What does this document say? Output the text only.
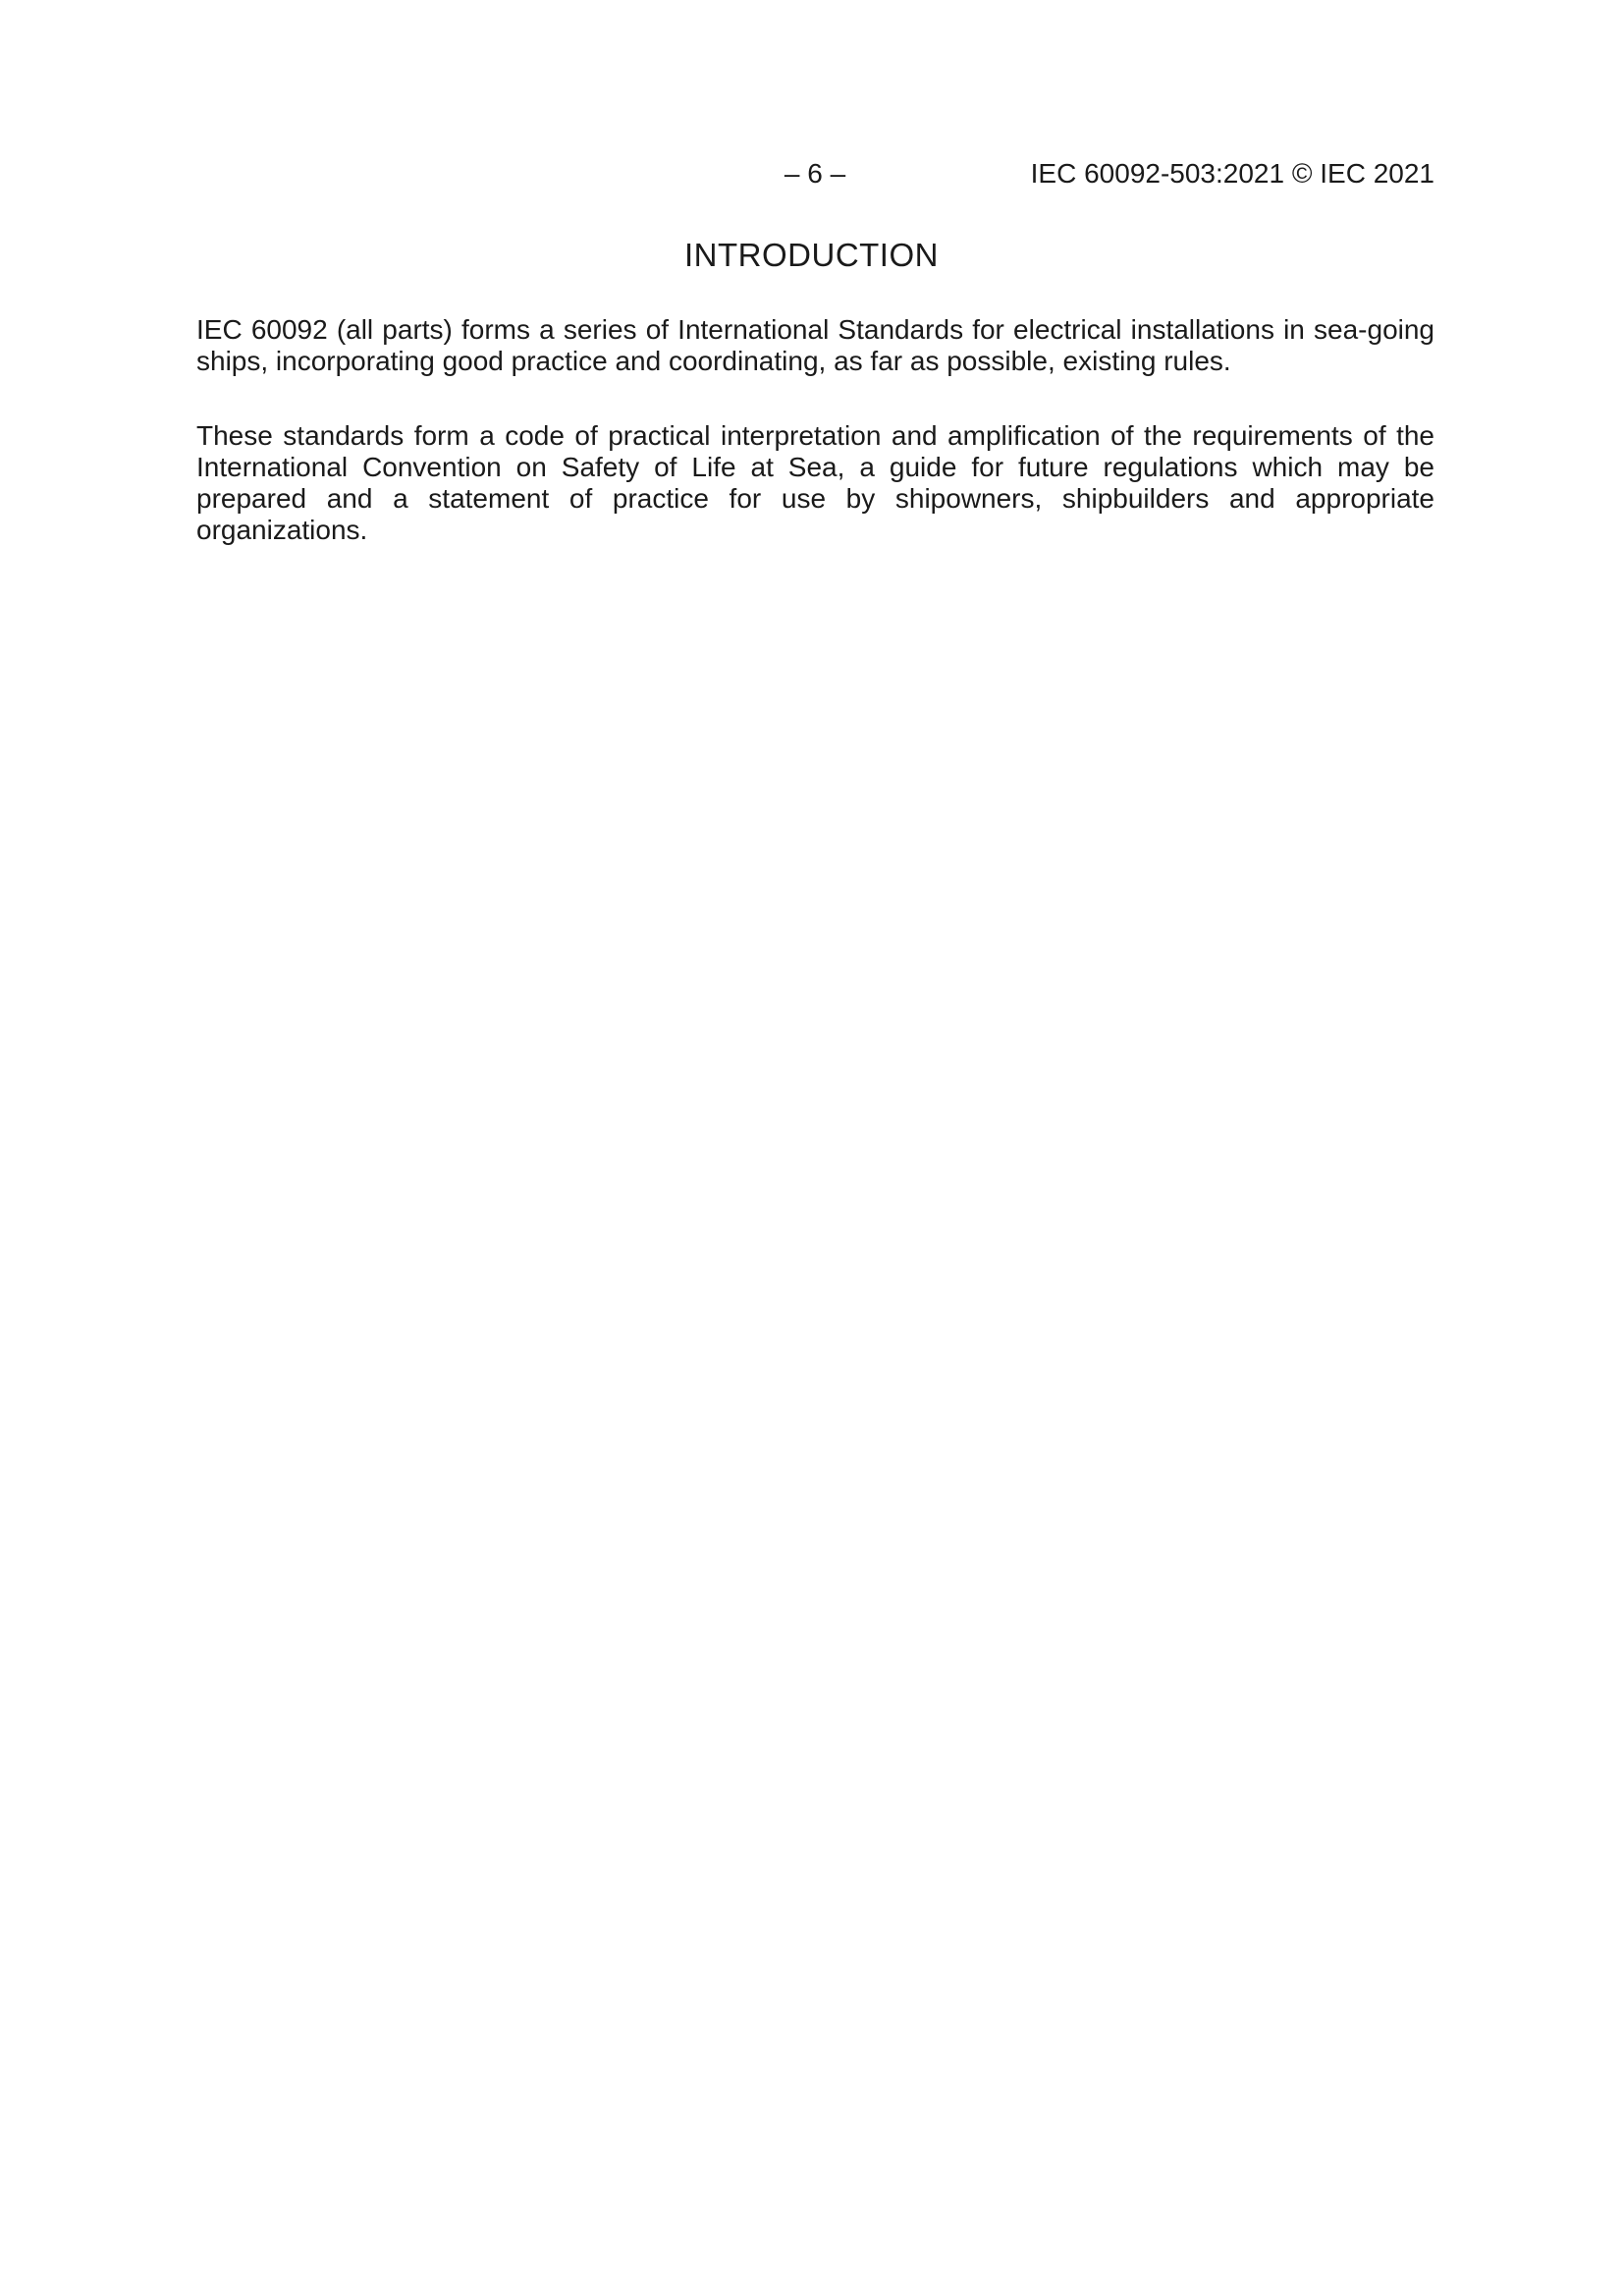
– 6 –	IEC 60092-503:2021 © IEC 2021
INTRODUCTION

IEC 60092 (all parts) forms a series of International Standards for electrical installations in sea-going ships, incorporating good practice and coordinating, as far as possible, existing rules.

These standards form a code of practical interpretation and amplification of the requirements of the International Convention on Safety of Life at Sea, a guide for future regulations which may be prepared and a statement of practice for use by shipowners, shipbuilders and appropriate organizations.
